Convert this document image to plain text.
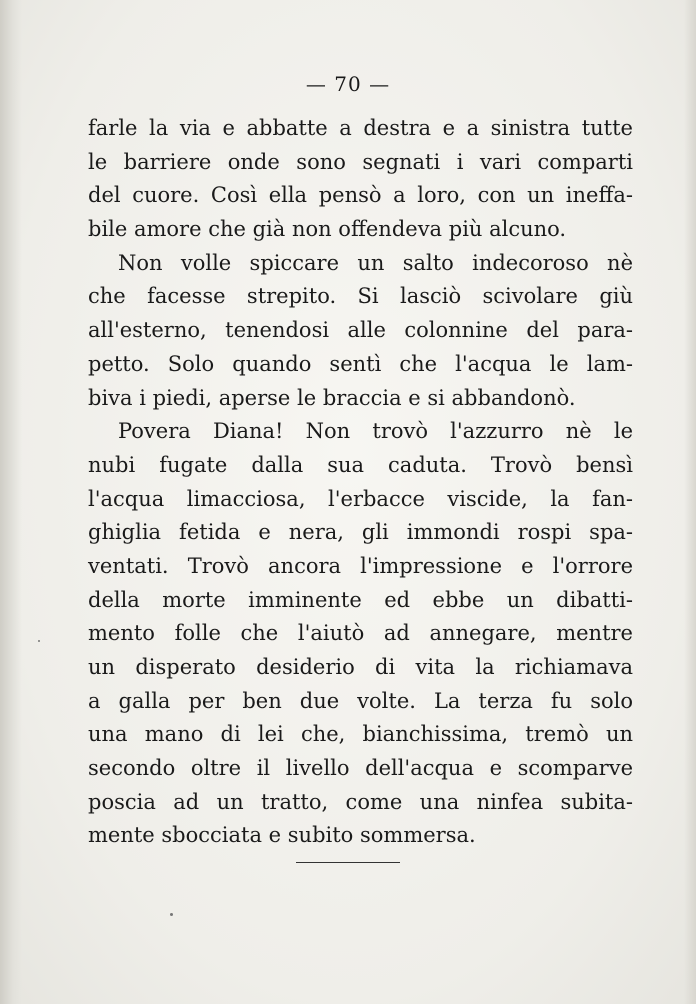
— 70 —
farle la via e abbatte a destra e a sinistra tutte
le barriere onde sono segnati i vari comparti
del cuore. Così ella pensò a loro, con un ineffa-
bile amore che già non offendeva più alcuno.
Non volle spiccare un salto indecoroso nè
che facesse strepito. Si lasciò scivolare giù
all'esterno, tenendosi alle colonnine del para-
petto. Solo quando sentì che l'acqua le lam-
biva i piedi, aperse le braccia e si abbandonò.
Povera Diana! Non trovò l'azzurro nè le
nubi fugate dalla sua caduta. Trovò bensì
l'acqua limacciosa, l'erbacce viscide, la fan-
ghiglia fetida e nera, gli immondi rospi spa-
ventati. Trovò ancora l'impressione e l'orrore
della morte imminente ed ebbe un dibatti-
mento folle che l'aiutò ad annegare, mentre
un disperato desiderio di vita la richiamava
a galla per ben due volte. La terza fu solo
una mano di lei che, bianchissima, tremò un
secondo oltre il livello dell'acqua e scomparve
poscia ad un tratto, come una ninfea subita-
mente sbocciata e subito sommersa.
